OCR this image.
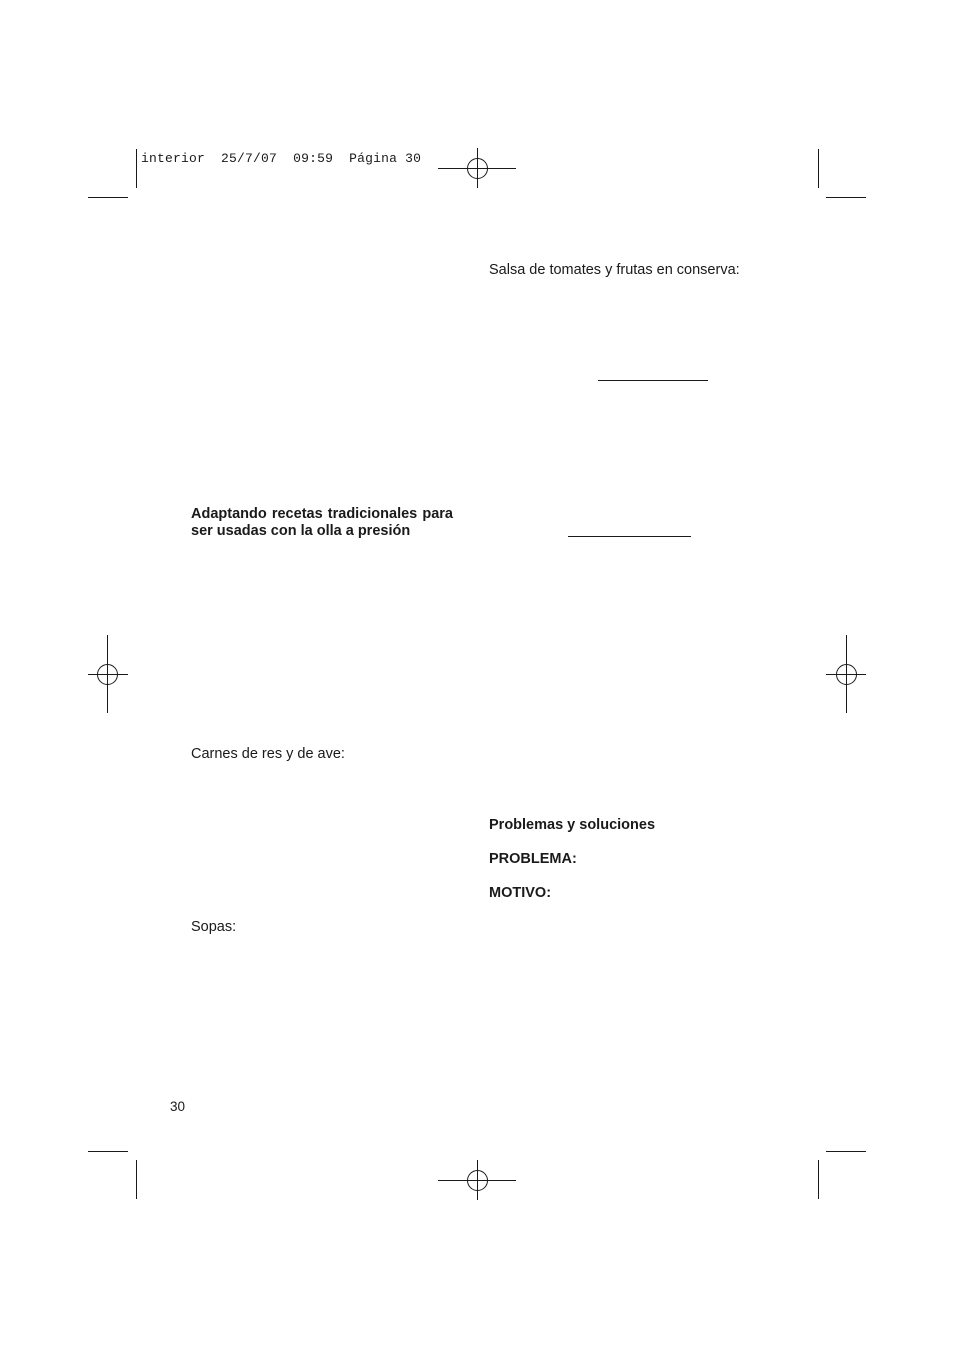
interior 25/7/07 09:59 Página 30
Salsa de tomates y frutas en conserva:
Problemas y soluciones
PROBLEMA:
MOTIVO:
Adaptando recetas tradicionales para
ser usadas con la olla a presión
Carnes de res y de ave:
Sopas:
30
